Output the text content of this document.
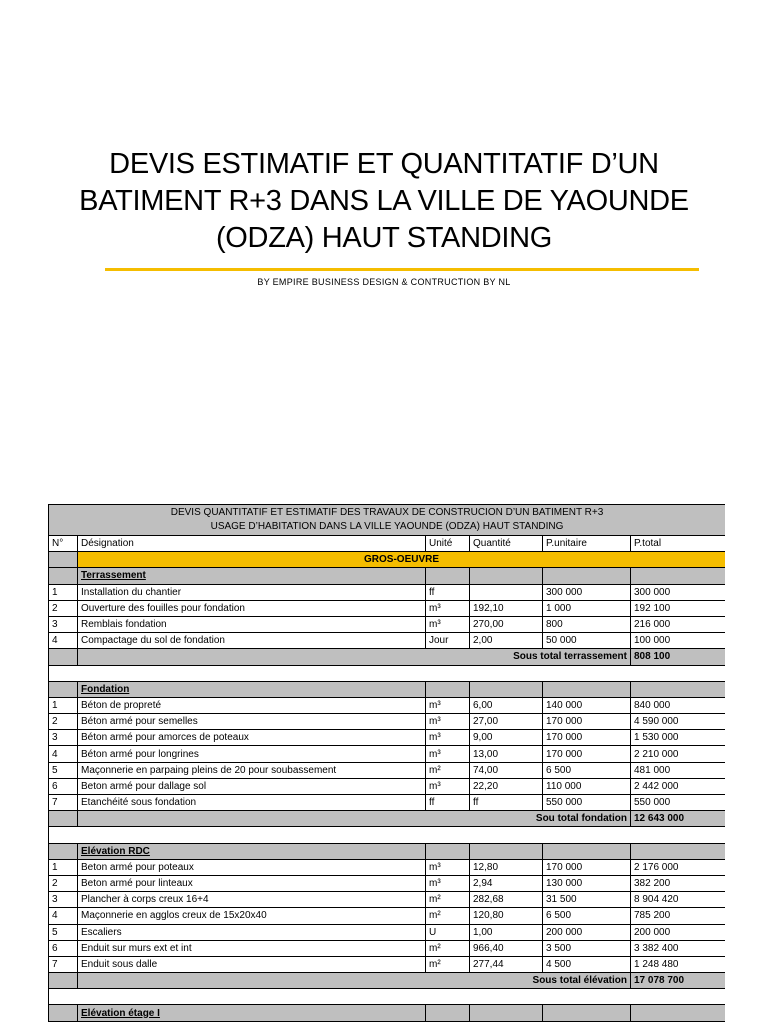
DEVIS ESTIMATIF ET QUANTITATIF D’UN BATIMENT R+3 DANS LA VILLE DE YAOUNDE (ODZA) HAUT STANDING
BY EMPIRE BUSINESS DESIGN & CONTRUCTION BY NL
DEVIS QUANTITATIF ET ESTIMATIF DES TRAVAUX DE CONSTRUCION D’UN BATIMENT R+3
USAGE D’HABITATION DANS LA VILLE YAOUNDE (ODZA) HAUT STANDING					

N°	Désignation	Unité	Quantité	P.unitaire	P.total
	GROS-OEUVRE				
	Terrassement				
1	Installation du chantier	ff		300 000	300 000
2	Ouverture des fouilles pour fondation	m³	192,10	1 000	192 100
3	Remblais fondation	m³	270,00	800	216 000
4	Compactage du sol de fondation	Jour	2,00	50 000	100 000
	Sous total terrassement				808 100

	Fondation				
1	Béton de propreté	m³	6,00	140 000	840 000
2	Béton armé pour semelles	m³	27,00	170 000	4 590 000
3	Béton armé pour amorces de poteaux	m³	9,00	170 000	1 530 000
4	Béton armé pour longrines	m³	13,00	170 000	2 210 000
5	Maçonnerie en parpaing pleins de 20 pour soubassement	m²	74,00	6 500	481 000
6	Beton armé pour dallage sol	m³	22,20	110 000	2 442 000
7	Etanchéité sous fondation	ff	ff	550 000	550 000
	Sou total fondation				12 643 000

	Elévation RDC				
1	Beton armé pour poteaux	m³	12,80	170 000	2 176 000
2	Beton armé pour linteaux	m³	2,94	130 000	382 200
3	Plancher à corps creux 16+4	m²	282,68	31 500	8 904 420
4	Maçonnerie en agglos creux de 15x20x40	m²	120,80	6 500	785 200
5	Escaliers	U	1,00	200 000	200 000
6	Enduit sur murs ext et int	m²	966,40	3 500	3 382 400
7	Enduit sous dalle	m²	277,44	4 500	1 248 480
	Sous total élévation				17 078 700

	Elévation étage I				
